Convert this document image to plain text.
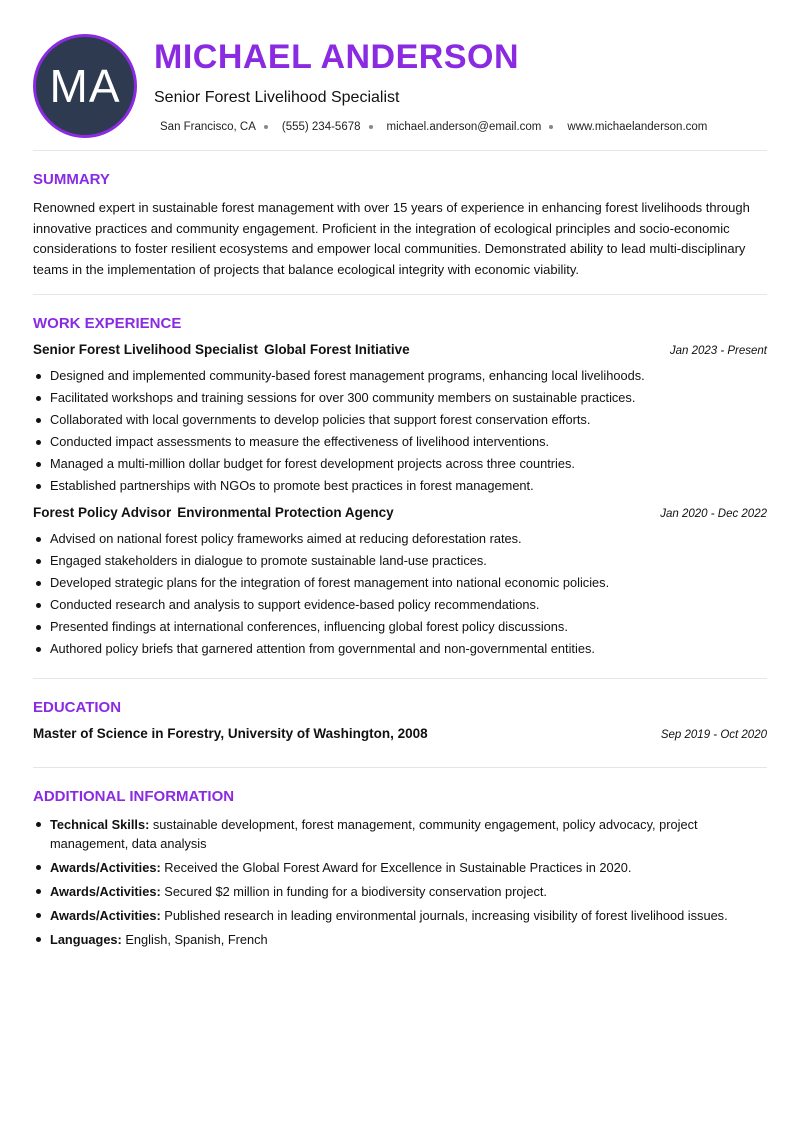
MA
MICHAEL ANDERSON
Senior Forest Livelihood Specialist
San Francisco, CA (555) 234-5678 michael.anderson@email.com www.michaelanderson.com
SUMMARY

Renowned expert in sustainable forest management with over 15 years of experience in enhancing forest livelihoods through innovative practices and community engagement. Proficient in the integration of ecological principles and socio-economic considerations to foster resilient ecosystems and empower local communities. Demonstrated ability to lead multi-disciplinary teams in the implementation of projects that balance ecological integrity with economic viability.

WORK EXPERIENCE
Senior Forest Livelihood Specialist Global Forest Initiative	Jan 2023 - Present
Designed and implemented community-based forest management programs, enhancing local livelihoods.
Facilitated workshops and training sessions for over 300 community members on sustainable practices.
Collaborated with local governments to develop policies that support forest conservation efforts.
Conducted impact assessments to measure the effectiveness of livelihood interventions.
Managed a multi-million dollar budget for forest development projects across three countries.
Established partnerships with NGOs to promote best practices in forest management.
Forest Policy Advisor Environmental Protection Agency	Jan 2020 - Dec 2022
Advised on national forest policy frameworks aimed at reducing deforestation rates.
Engaged stakeholders in dialogue to promote sustainable land-use practices.
Developed strategic plans for the integration of forest management into national economic policies.
Conducted research and analysis to support evidence-based policy recommendations.
Presented findings at international conferences, influencing global forest policy discussions.
Authored policy briefs that garnered attention from governmental and non-governmental entities.
EDUCATION
Master of Science in Forestry, University of Washington, 2008	Sep 2019 - Oct 2020
ADDITIONAL INFORMATION
Technical Skills: sustainable development, forest management, community engagement, policy advocacy, project management, data analysis
Awards/Activities: Received the Global Forest Award for Excellence in Sustainable Practices in 2020.
Awards/Activities: Secured $2 million in funding for a biodiversity conservation project.
Awards/Activities: Published research in leading environmental journals, increasing visibility of forest livelihood issues.
Languages: English, Spanish, French
